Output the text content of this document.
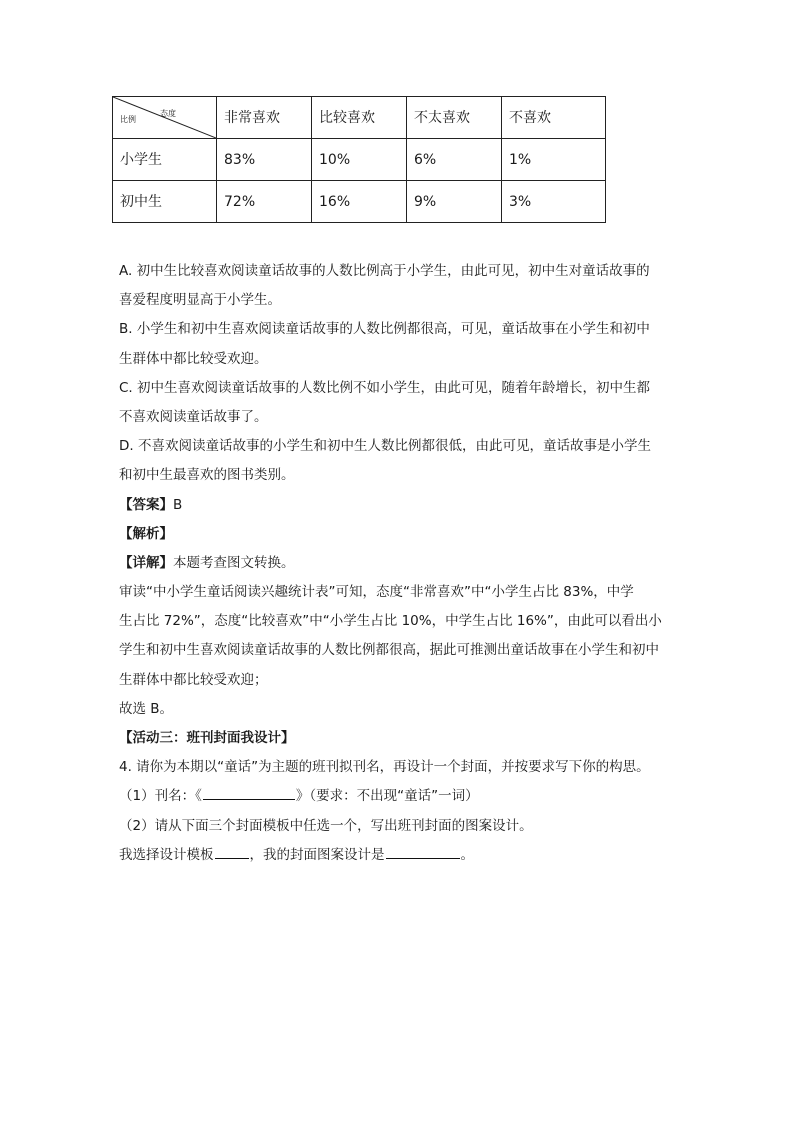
态度
比例	非常喜欢	比较喜欢	不太喜欢	不喜欢
小学生	83%	10%	6%	1%
初中生	72%	16%	9%	3%

A. 初中生比较喜欢阅读童话故事的人数比例高于小学生，由此可见，初中生对童话故事的

喜爱程度明显高于小学生。

B. 小学生和初中生喜欢阅读童话故事的人数比例都很高，可见，童话故事在小学生和初中

生群体中都比较受欢迎。

C. 初中生喜欢阅读童话故事的人数比例不如小学生，由此可见，随着年龄增长，初中生都

不喜欢阅读童话故事了。

D. 不喜欢阅读童话故事的小学生和初中生人数比例都很低，由此可见，童话故事是小学生

和初中生最喜欢的图书类别。

【答案】B

【解析】

【详解】本题考查图文转换。

审读“中小学生童话阅读兴趣统计表”可知，态度“非常喜欢”中“小学生占比 83%，中学

生占比 72%”，态度“比较喜欢”中“小学生占比 10%，中学生占比 16%”，由此可以看出小

学生和初中生喜欢阅读童话故事的人数比例都很高，据此可推测出童话故事在小学生和初中

生群体中都比较受欢迎；

故选 B。

【活动三：班刊封面我设计】

4. 请你为本期以“童话”为主题的班刊拟刊名，再设计一个封面，并按要求写下你的构思。

（1）刊名：《	》（要求：不出现“童话”一词）

（2）请从下面三个封面模板中任选一个，写出班刊封面的图案设计。

我选择设计模板	，我的封面图案设计是	。
